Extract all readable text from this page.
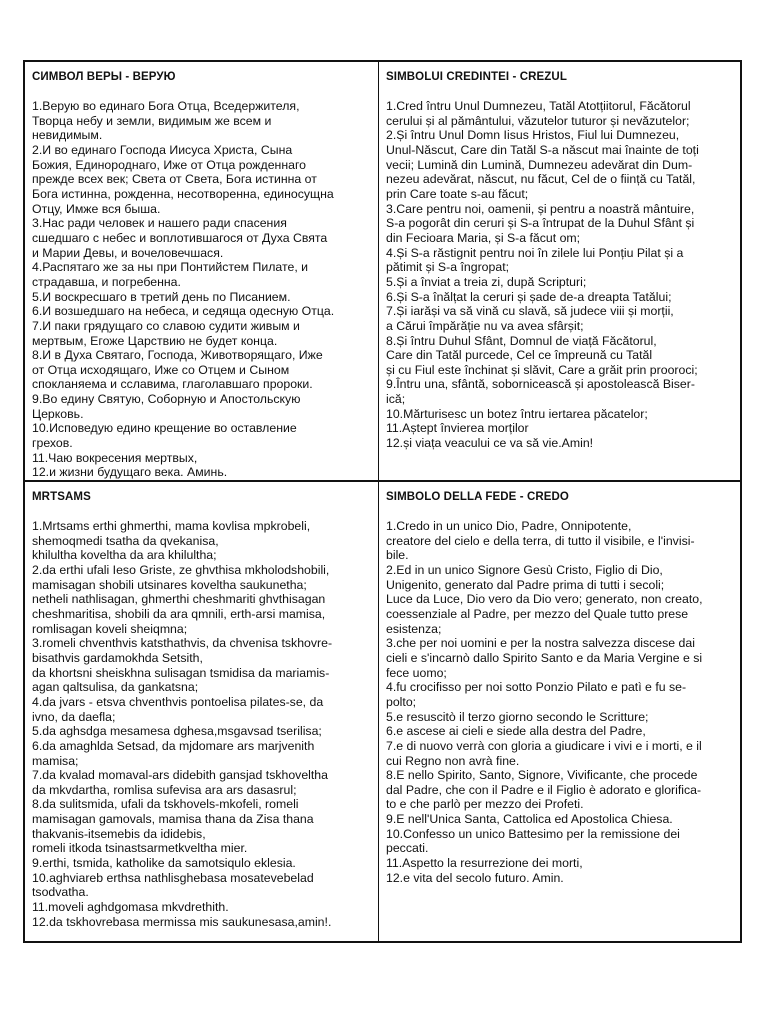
СИМВОЛ ВЕРЫ - ВЕРУЮ
1.Верую во единаго Бога Отца, Вседержителя,
Творца небу и земли, видимым же всем и
невидимым.
2.И во единаго Господа Иисуса Христа, Сына
Божия, Единороднаго, Иже от Отца рожденнаго
прежде всех век; Света от Света, Бога истинна от
Бога истинна, рожденна, несотворенна, единосущна
Отцу, Имже вся быша.
3.Нас ради человек и нашего ради спасения
сшедшаго с небес и воплотившагося от Духа Свята
и Марии Девы, и вочеловечшася.
4.Распятаго же за ны при Понтийстем Пилате, и
страдавша, и погребенна.
5.И воскресшаго в третий день по Писанием.
6.И возшедшаго на небеса, и седяща одесную Отца.
7.И паки грядущаго со славою судити живым и
мертвым, Егоже Царствию не будет конца.
8.И в Духа Святаго, Господа, Животворящаго, Иже
от Отца исходящаго, Иже со Отцем и Сыном
спокланяема и сславима, глаголавшаго пророки.
9.Во едину Святую, Соборную и Апостольскую
Церковь.
10.Исповедую едино крещение во оставление
грехов.
11.Чаю вокресения мертвых,
12.и жизни будущаго века. Аминь.
SIMBOLUI CREDINTEI - CREZUL
1.Cred întru Unul Dumnezeu, Tatăl Atotțiitorul, Făcătorul
cerului și al pământului, văzutelor tuturor și nevăzutelor;
2.Și întru Unul Domn Iisus Hristos, Fiul lui Dumnezeu,
Unul-Născut, Care din Tatăl S-a născut mai înainte de toți
vecii; Lumină din Lumină, Dumnezeu adevărat din Dum-
nezeu adevărat, născut, nu făcut, Cel de o ființă cu Tatăl,
prin Care toate s-au făcut;
3.Care pentru noi, oamenii, și pentru a noastră mântuire,
S-a pogorât din ceruri și S-a întrupat de la Duhul Sfânt și
din Fecioara Maria, și S-a făcut om;
4.Și S-a răstignit pentru noi în zilele lui Ponțiu Pilat și a
pătimit și S-a îngropat;
5.Și a înviat a treia zi, după Scripturi;
6.Și S-a înălțat la ceruri și șade de-a dreapta Tatălui;
7.Și iarăși va să vină cu slavă, să judece viii și morții,
a Cărui împărăție nu va avea sfârșit;
8.Și întru Duhul Sfânt, Domnul de viață Făcătorul,
Care din Tatăl purcede, Cel ce împreună cu Tatăl
și cu Fiul este închinat și slăvit, Care a grăit prin prooroci;
9.Întru una, sfântă, sobornicească și apostolească Biser-
ică;
10.Mărturisesc un botez întru iertarea păcatelor;
11.Aștept învierea morților
12.și viața veacului ce va să vie.Amin!
MRTSAMS
1.Mrtsams erthi ghmerthi, mama kovlisa mpkrobeli,
shemoqmedi tsatha da qvekanisa,
khilultha koveltha da ara khilultha;
2.da erthi ufali Ieso Griste, ze ghvthisa mkholodshobili,
mamisagan shobili utsinares koveltha saukunetha;
netheli nathlisagan, ghmerthi cheshmariti ghvthisagan
cheshmaritisa, shobili da ara qmnili, erth-arsi mamisa,
romlisagan koveli sheiqmna;
3.romeli chventhvis katsthathvis, da chvenisa tskhovre-
bisathvis gardamokhda Setsith,
da khortsni sheiskhna sulisagan tsmidisa da mariamis-
agan qaltsulisa, da gankatsna;
4.da jvars - etsva chventhvis pontoelisa pilates-se, da
ivno, da daefla;
5.da aghsdga mesamesa dghesa,msgavsad tserilisa;
6.da amaghlda Setsad, da mjdomare ars marjvenith
mamisa;
7.da kvalad momaval-ars didebith gansjad tskhoveltha
da mkvdartha, romlisa sufevisa ara ars dasasrul;
8.da sulitsmida, ufali da tskhovels-mkofeli, romeli
mamisagan gamovals, mamisa thana da Zisa thana
thakvanis-itsemebis da ididebis,
romeli itkoda tsinastsarmetkveltha mier.
9.erthi, tsmida, katholike da samotsiqulo eklesia.
10.aghviareb erthsa nathlisghebasa mosatevebelad
tsodvatha.
11.moveli aghdgomasa mkvdrethith.
12.da tskhovrebasa mermissa mis saukunesasa,amin!.
SIMBOLO DELLA FEDE - CREDO
1.Credo in un unico Dio, Padre, Onnipotente,
creatore del cielo e della terra, di tutto il visibile, e l'invisi-
bile.
2.Ed in un unico Signore Gesù Cristo, Figlio di Dio,
Unigenito, generato dal Padre prima di tutti i secoli;
Luce da Luce, Dio vero da Dio vero; generato, non creato,
coessenziale al Padre, per mezzo del Quale tutto prese
esistenza;
3.che per noi uomini e per la nostra salvezza discese dai
cieli e s'incarnò dallo Spirito Santo e da Maria Vergine e si
fece uomo;
4.fu crocifisso per noi sotto Ponzio Pilato e patì e fu se-
polto;
5.e resuscitò il terzo giorno secondo le Scritture;
6.e ascese ai cieli e siede alla destra del Padre,
7.e di nuovo verrà con gloria a giudicare i vivi e i morti, e il
cui Regno non avrà fine.
8.E nello Spirito, Santo, Signore, Vivificante, che procede
dal Padre, che con il Padre e il Figlio è adorato e glorifica-
to e che parlò per mezzo dei Profeti.
9.E nell'Unica Santa, Cattolica ed Apostolica Chiesa.
10.Confesso un unico Battesimo per la remissione dei
peccati.
11.Aspetto la resurrezione dei morti,
12.e vita del secolo futuro. Amin.
